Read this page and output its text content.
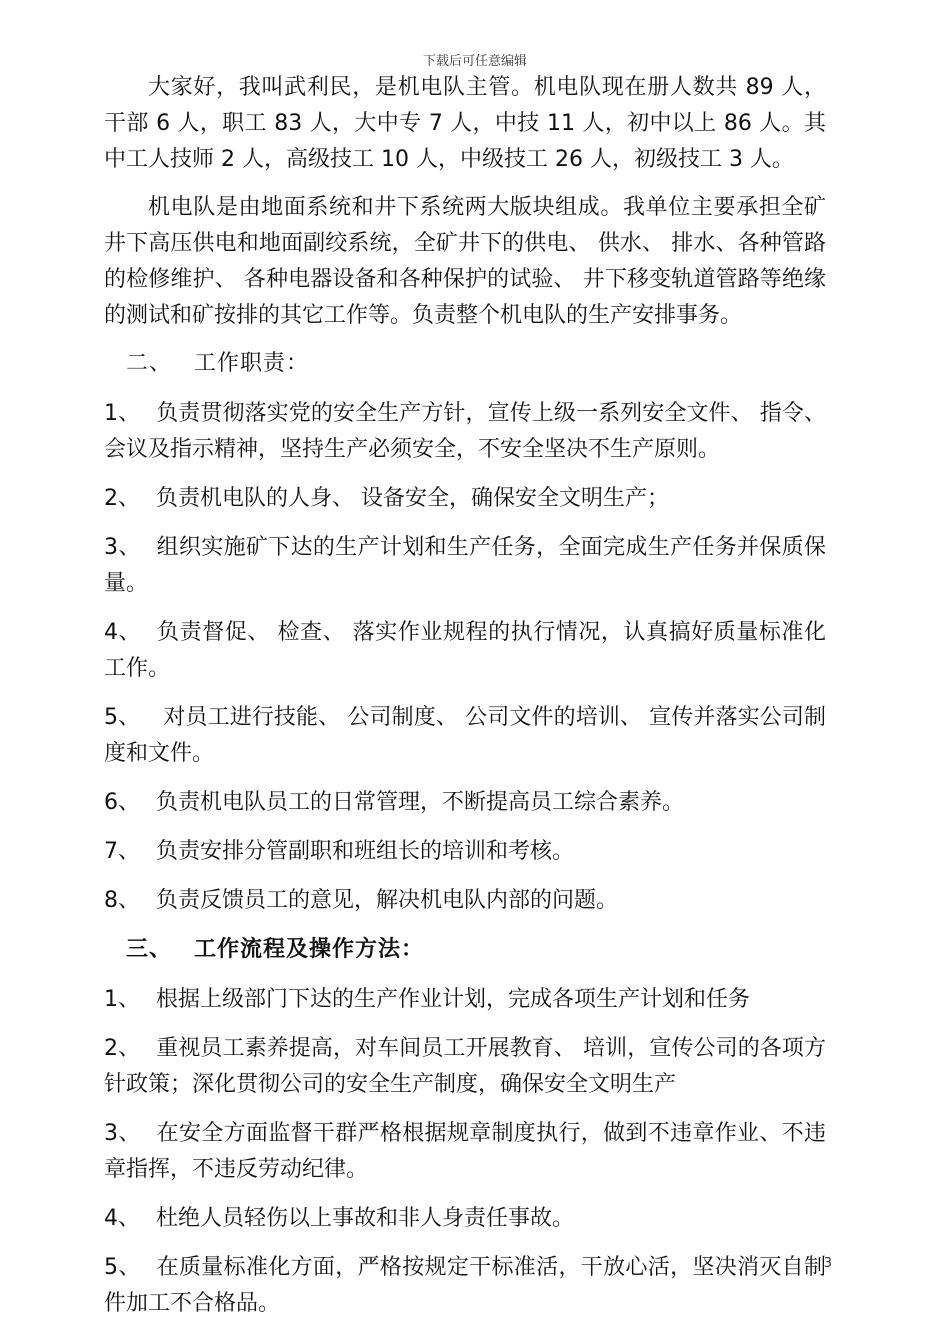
下载后可任意编辑

大家好，我叫武利民，是机电队主管。机电队现在册人数共 89 人，干部 6 人，职工 83 人，大中专 7 人，中技 11 人，初中以上 86 人。其中工人技师 2 人，高级技工 10 人，中级技工 26 人，初级技工 3 人。

机电队是由地面系统和井下系统两大版块组成。我单位主要承担全矿井下高压供电和地面副绞系统，全矿井下的供电、 供水、 排水、各种管路的检修维护、 各种电器设备和各种保护的试验、 井下移变轨道管路等绝缘的测试和矿按排的其它工作等。负责整个机电队的生产安排事务。

二、 工作职责：
1、 负责贯彻落实党的安全生产方针，宣传上级一系列安全文件、 指令、 会议及指示精神，坚持生产必须安全，不安全坚决不生产原则。
2、 负责机电队的人身、 设备安全，确保安全文明生产；
3、 组织实施矿下达的生产计划和生产任务，全面完成生产任务并保质保量。
4、 负责督促、 检查、 落实作业规程的执行情况，认真搞好质量标准化工作。
5、 对员工进行技能、 公司制度、 公司文件的培训、 宣传并落实公司制度和文件。
6、 负责机电队员工的日常管理，不断提高员工综合素养。
7、 负责安排分管副职和班组长的培训和考核。
8、 负责反馈员工的意见，解决机电队内部的问题。
三、 工作流程及操作方法：
1、 根据上级部门下达的生产作业计划，完成各项生产计划和任务
2、 重视员工素养提高，对车间员工开展教育、 培训，宣传公司的各项方针政策；深化贯彻公司的安全生产制度，确保安全文明生产
3、 在安全方面监督干群严格根据规章制度执行，做到不违章作业、不违章指挥，不违反劳动纪律。
4、 杜绝人员轻伤以上事故和非人身责任事故。
5、 在质量标准化方面，严格按规定干标准活，干放心活，坚决消灭自制件加工不合格品。
3
